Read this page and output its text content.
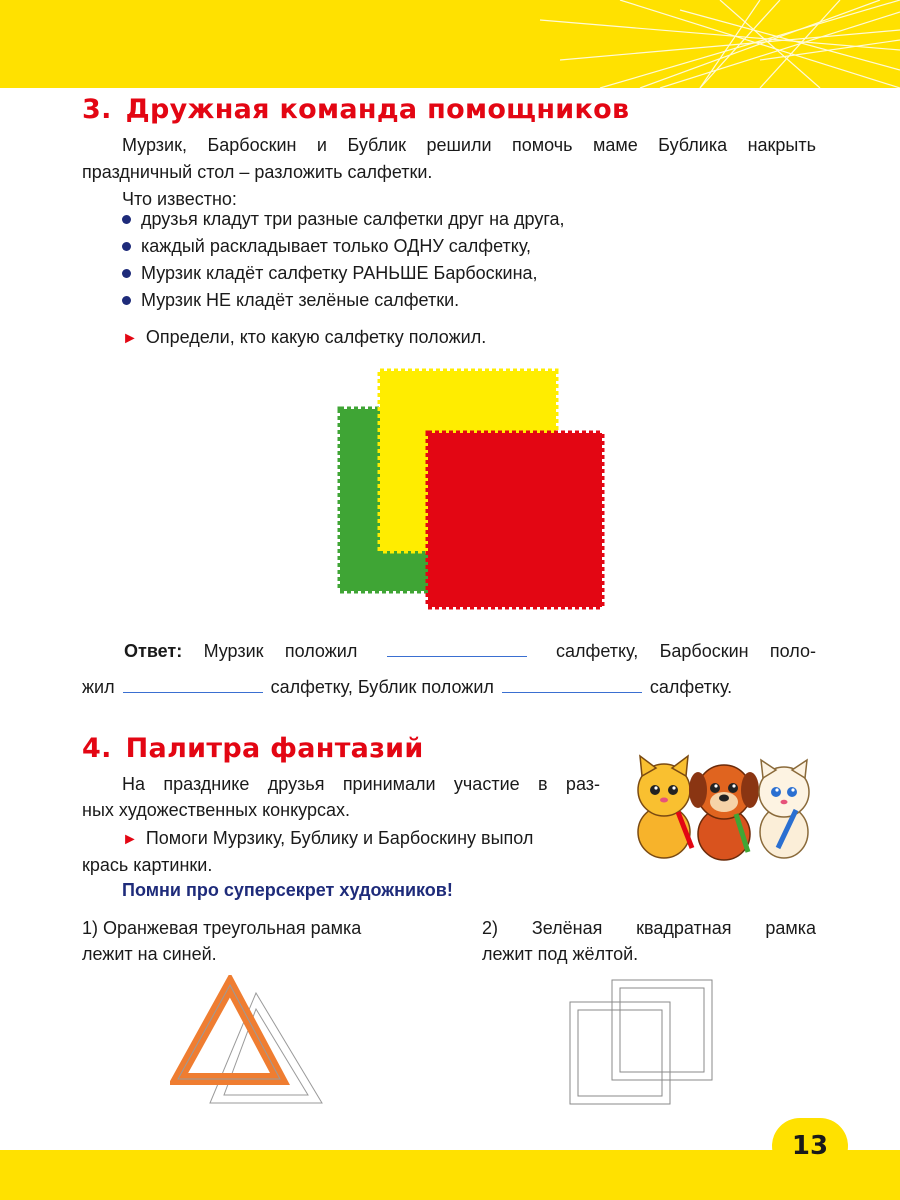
3. Дружная команда помощников

Мурзик, Барбоскин и Бублик решили помочь маме Бублика накрыть

праздничный стол – разложить салфетки.

Что известно:

друзья кладут три разные салфетки друг на друга,
каждый раскладывает только ОДНУ салфетку,
Мурзик кладёт салфетку РАНЬШЕ Барбоскина,
Мурзик НЕ кладёт зелёные салфетки.

► Определи, кто какую салфетку положил.

Ответ: Мурзик положил	салфетку, Барбоскин поло-

жил	салфетку, Бублик положил	салфетку.

4. Палитра фантазий

На празднике друзья принимали участие в раз-

ных художественных конкурсах.

► Помоги Мурзику, Бублику и Барбоскину выпол

крась картинки.

Помни про суперсекрет художников!

1) Оранжевая треугольная рамка

лежит на синей.

2) Зелёная квадратная рамка

лежит под жёлтой.

13
